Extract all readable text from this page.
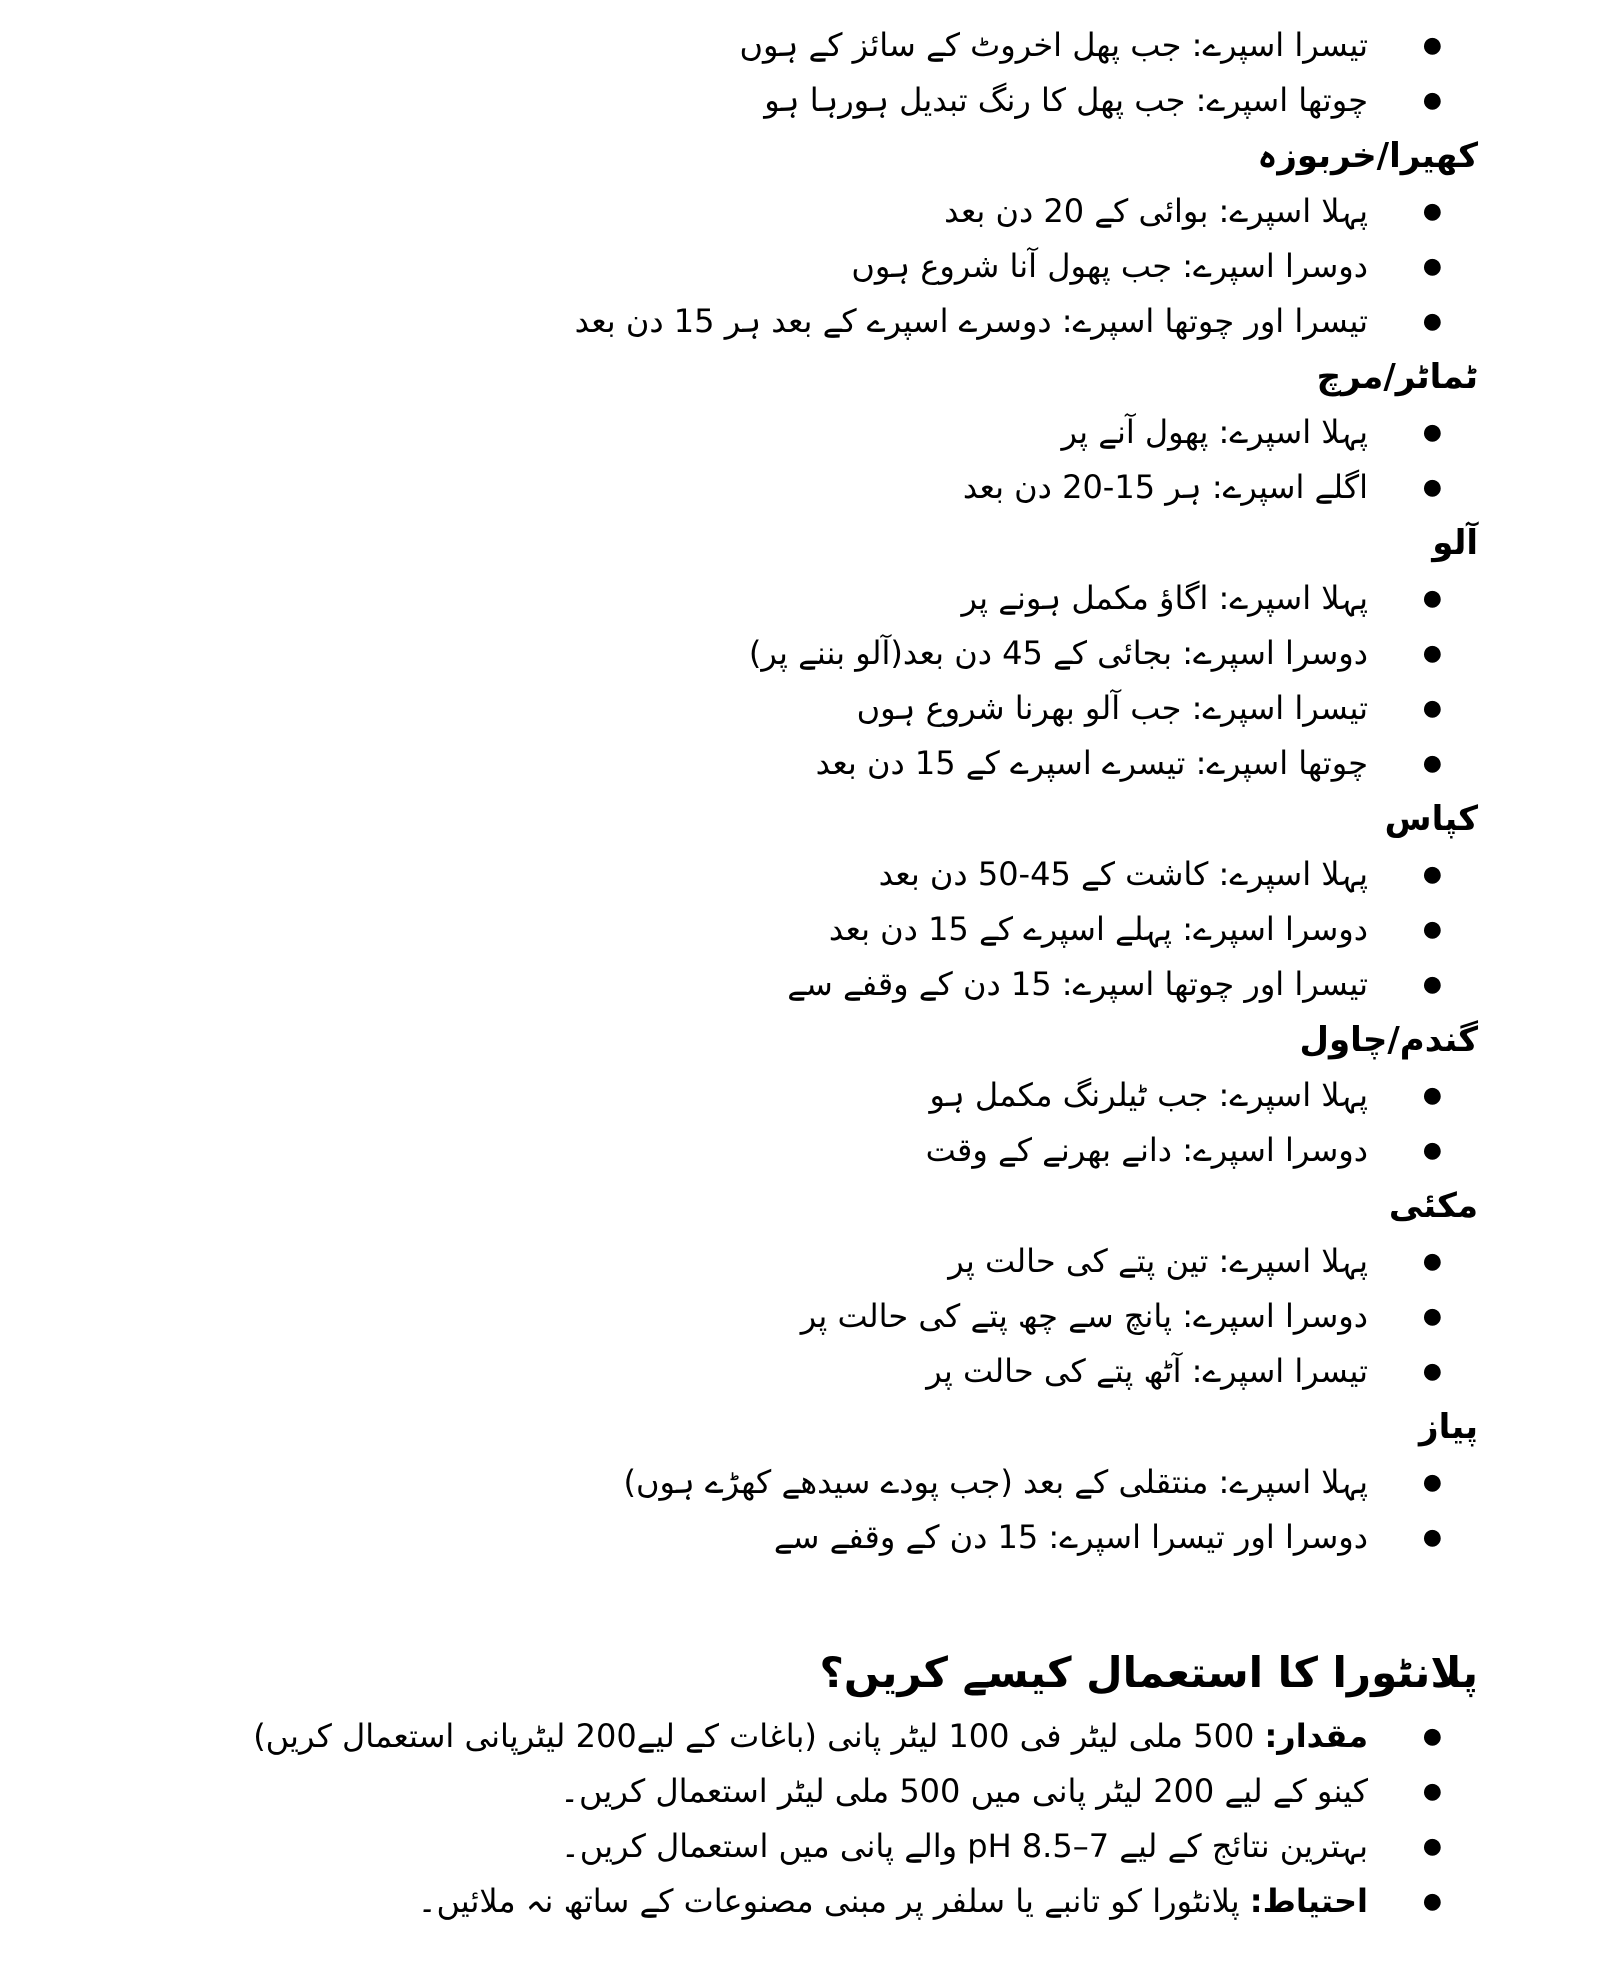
● تیسرا اسپرے: جب پھل اخروٹ کے سائز کے ہوں
● چوتھا اسپرے: جب پھل کا رنگ تبدیل ہورہا ہو
کھیرا/خربوزہ
● پہلا اسپرے: بوائی کے 20 دن بعد
● دوسرا اسپرے: جب پھول آنا شروع ہوں
● تیسرا اور چوتھا اسپرے: دوسرے اسپرے کے بعد ہر 15 دن بعد
ٹماٹر/مرچ
● پہلا اسپرے: پھول آنے پر
● اگلے اسپرے: ہر 15-20 دن بعد
آلو
● پہلا اسپرے: اگاؤ مکمل ہونے پر
● دوسرا اسپرے: بجائی کے 45 دن بعد(آلو بننے پر)
● تیسرا اسپرے: جب آلو بھرنا شروع ہوں
● چوتھا اسپرے: تیسرے اسپرے کے 15 دن بعد
کپاس
● پہلا اسپرے: کاشت کے 45-50 دن بعد
● دوسرا اسپرے: پہلے اسپرے کے 15 دن بعد
● تیسرا اور چوتھا اسپرے: 15 دن کے وقفے سے
گندم/چاول
● پہلا اسپرے: جب ٹیلرنگ مکمل ہو
● دوسرا اسپرے: دانے بھرنے کے وقت
مکئی
● پہلا اسپرے: تین پتے کی حالت پر
● دوسرا اسپرے: پانچ سے چھ پتے کی حالت پر
● تیسرا اسپرے: آٹھ پتے کی حالت پر
پیاز
● پہلا اسپرے: منتقلی کے بعد (جب پودے سیدھے کھڑے ہوں)
● دوسرا اور تیسرا اسپرے: 15 دن کے وقفے سے
پلانٹورا کا استعمال کیسے کریں؟
● مقدار: 500 ملی لیٹر فی 100 لیٹر پانی (باغات کے لیے200 لیٹرپانی استعمال کریں)
● کینو کے لیے 200 لیٹر پانی میں 500 ملی لیٹر استعمال کریں۔
● بہترین نتائج کے لیے pH 8.5–7 والے پانی میں استعمال کریں۔
● احتیاط: پلانٹورا کو تانبے یا سلفر پر مبنی مصنوعات کے ساتھ نہ ملائیں۔
